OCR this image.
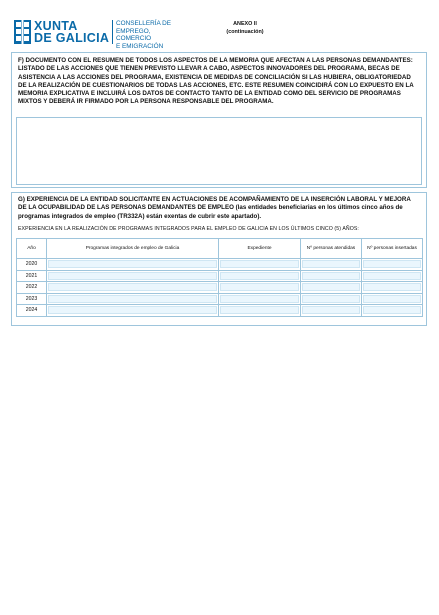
XUNTA
DE GALICIA
CONSELLERÍA DE
EMPREGO, COMERCIO
E EMIGRACIÓN
ANEXO II
(continuación)
F) DOCUMENTO CON EL RESUMEN DE TODOS LOS ASPECTOS DE LA MEMORIA QUE AFECTAN A LAS PERSONAS DEMANDANTES: LISTADO DE LAS ACCIONES QUE TIENEN PREVISTO LLEVAR A CABO, ASPECTOS INNOVADORES DEL PROGRAMA, BECAS DE ASISTENCIA A LAS ACCIONES DEL PROGRAMA, EXISTENCIA DE MEDIDAS DE CONCILIACIÓN SI LAS HUBIERA, OBLIGATORIEDAD DE LA REALIZACIÓN DE CUESTIONARIOS DE TODAS LAS ACCIONES, ETC. ESTE RESUMEN COINCIDIRÁ CON LO EXPUESTO EN LA MEMORIA EXPLICATIVA E INCLUIRÁ LOS DATOS DE CONTACTO TANTO DE LA ENTIDAD COMO DEL SERVICIO DE PROGRAMAS MIXTOS Y DEBERÁ IR FIRMADO POR LA PERSONA RESPONSABLE DEL PROGRAMA.
G) EXPERIENCIA DE LA ENTIDAD SOLICITANTE EN ACTUACIONES DE ACOMPAÑAMIENTO DE LA INSERCIÓN LABORAL Y MEJORA DE LA OCUPABILIDAD DE LAS PERSONAS DEMANDANTES DE EMPLEO (las entidades beneficiarias en los últimos cinco años de programas integrados de empleo (TR332A) están exentas de cubrir este apartado).
EXPERIENCIA EN LA REALIZACIÓN DE PROGRAMAS INTEGRADOS PARA EL EMPLEO DE GALICIA EN LOS ÚLTIMOS CINCO (5) AÑOS:
Año	Programas integrados de empleo de Galicia	Expediente	Nº personas atendidas	Nº personas insertadas
2020	

2021	

2022	

2023	

2024	
